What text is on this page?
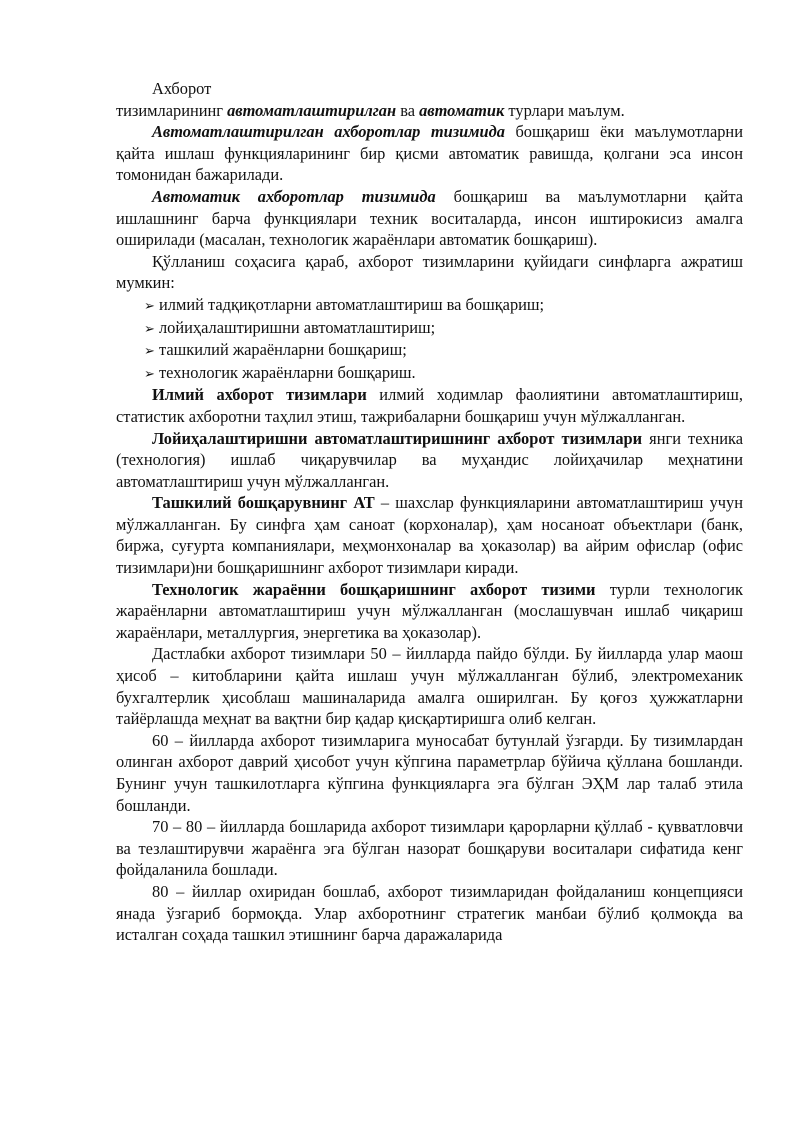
Ахборот

тизимларининг автоматлаштирилган ва автоматик турлари маълум.

Автоматлаштирилган ахборотлар тизимида бошқариш ёки маълумотларни қайта ишлаш функцияларининг бир қисми автоматик равишда, қолгани эса инсон томонидан бажарилади.

Автоматик ахборотлар тизимида бошқариш ва маълумотларни қайта ишлашнинг барча функциялари техник воситаларда, инсон иштирокисиз амалга оширилади (масалан, технологик жараёнлари автоматик бошқариш).

Қўлланиш соҳасига қараб, ахборот тизимларини қуйидаги синфларга ажратиш мумкин:

➢ илмий тадқиқотларни автоматлаштириш ва бошқариш;
➢ лойиҳалаштиришни автоматлаштириш;
➢ ташкилий жараёнларни бошқариш;
➢ технологик жараёнларни бошқариш.

Илмий ахборот тизимлари илмий ходимлар фаолиятини автоматлаштириш, статистик ахборотни таҳлил этиш, тажрибаларни бошқариш учун мўлжалланган.

Лойиҳалаштиришни автоматлаштиришнинг ахборот тизимлари янги техника (технология) ишлаб чиқарувчилар ва муҳандис лойиҳачилар меҳнатини автоматлаштириш учун мўлжалланган.

Ташкилий бошқарувнинг АТ – шахслар функцияларини автоматлаштириш учун мўлжалланган. Бу синфга ҳам саноат (корхоналар), ҳам носаноат объектлари (банк, биржа, суғурта компаниялари, меҳмонхоналар ва ҳоказолар) ва айрим офислар (офис тизимлари)ни бошқаришнинг ахборот тизимлари киради.

Технологик жараённи бошқаришнинг ахборот тизими турли технологик жараёнларни автоматлаштириш учун мўлжалланган (мослашувчан ишлаб чиқариш жараёнлари, металлургия, энергетика ва ҳоказолар).

Дастлабки ахборот тизимлари 50 – йилларда пайдо бўлди. Бу йилларда улар маош ҳисоб – китобларини қайта ишлаш учун мўлжалланган бўлиб, электромеханик бухгалтерлик ҳисоблаш машиналарида амалга оширилган. Бу қоғоз ҳужжатларни тайёрлашда меҳнат ва вақтни бир қадар қисқартиришга олиб келган.

60 – йилларда ахборот тизимларига муносабат бутунлай ўзгарди. Бу тизимлардан олинган ахборот даврий ҳисобот учун кўпгина параметрлар бўйича қўллана бошланди. Бунинг учун ташкилотларга кўпгина функцияларга эга бўлган ЭҲМ лар талаб этила бошланди.

70 – 80 – йилларда бошларида ахборот тизимлари қарорларни қўллаб - қувватловчи ва тезлаштирувчи жараёнга эга бўлган назорат бошқаруви воситалари сифатида кенг фойдаланила бошлади.

80 – йиллар охиридан бошлаб, ахборот тизимларидан фойдаланиш концепцияси янада ўзгариб бормоқда. Улар ахборотнинг стратегик манбаи бўлиб қолмоқда ва исталган соҳада ташкил этишнинг барча даражаларида
